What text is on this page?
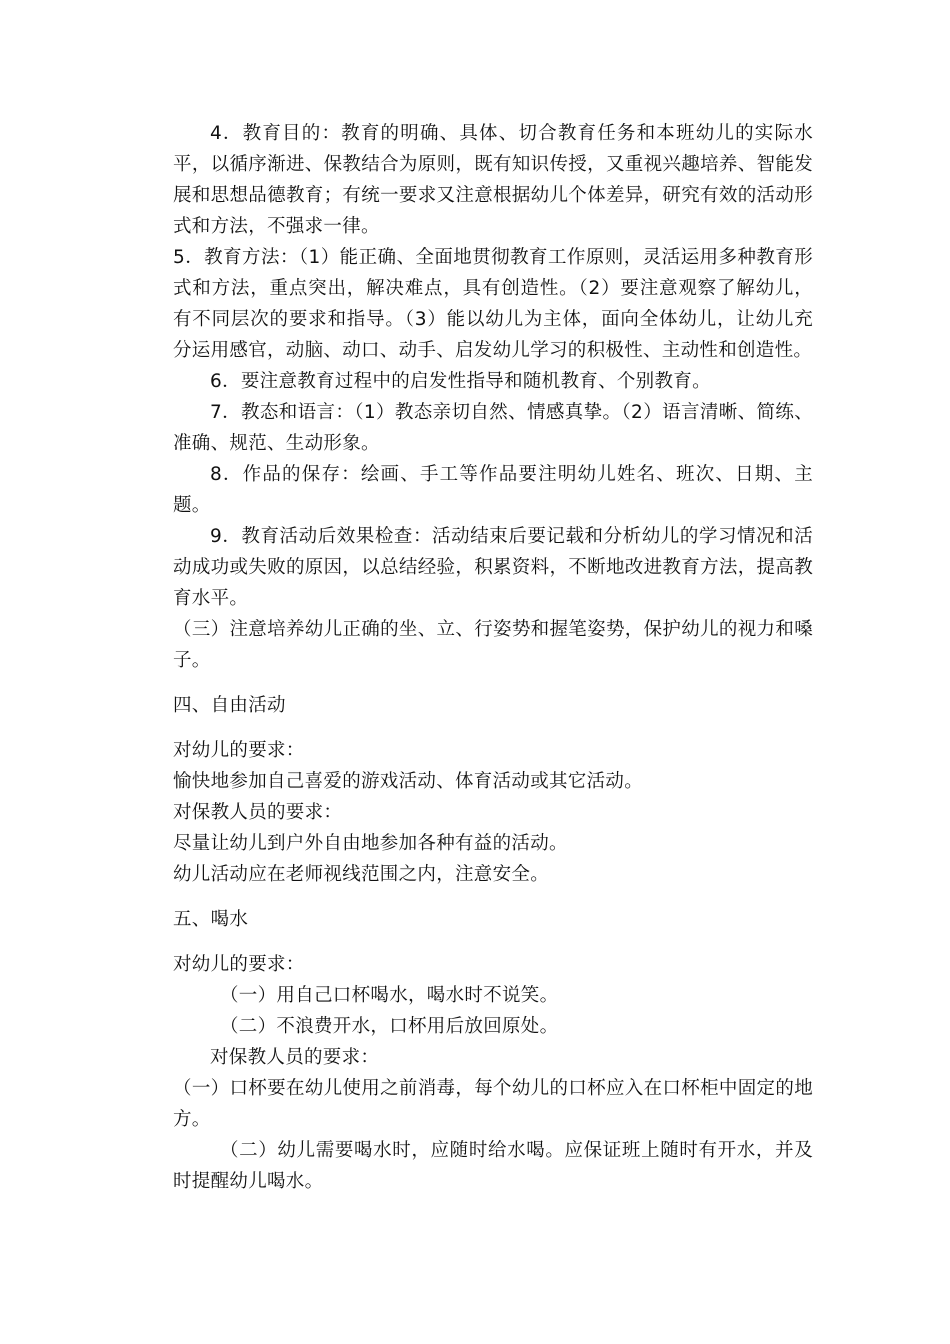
4．教育目的：教育的明确、具体、切合教育任务和本班幼儿的实际水平，以循序渐进、保教结合为原则，既有知识传授，又重视兴趣培养、智能发展和思想品德教育；有统一要求又注意根据幼儿个体差异，研究有效的活动形式和方法，不强求一律。

5．教育方法：（1）能正确、全面地贯彻教育工作原则，灵活运用多种教育形式和方法，重点突出，解决难点，具有创造性。（2）要注意观察了解幼儿，有不同层次的要求和指导。（3）能以幼儿为主体，面向全体幼儿，让幼儿充分运用感官，动脑、动口、动手、启发幼儿学习的积极性、主动性和创造性。

6．要注意教育过程中的启发性指导和随机教育、个别教育。

7．教态和语言：（1）教态亲切自然、情感真挚。（2）语言清晰、简练、准确、规范、生动形象。

8．作品的保存：绘画、手工等作品要注明幼儿姓名、班次、日期、主题。

9．教育活动后效果检查：活动结束后要记载和分析幼儿的学习情况和活动成功或失败的原因，以总结经验，积累资料，不断地改进教育方法，提高教育水平。

（三）注意培养幼儿正确的坐、立、行姿势和握笔姿势，保护幼儿的视力和嗓子。

四、自由活动

对幼儿的要求：

愉快地参加自己喜爱的游戏活动、体育活动或其它活动。

对保教人员的要求：

尽量让幼儿到户外自由地参加各种有益的活动。

幼儿活动应在老师视线范围之内，注意安全。

五、喝水

对幼儿的要求：

（一）用自己口杯喝水，喝水时不说笑。

（二）不浪费开水，口杯用后放回原处。

对保教人员的要求：

（一）口杯要在幼儿使用之前消毒，每个幼儿的口杯应入在口杯柜中固定的地方。

（二）幼儿需要喝水时，应随时给水喝。应保证班上随时有开水，并及时提醒幼儿喝水。
